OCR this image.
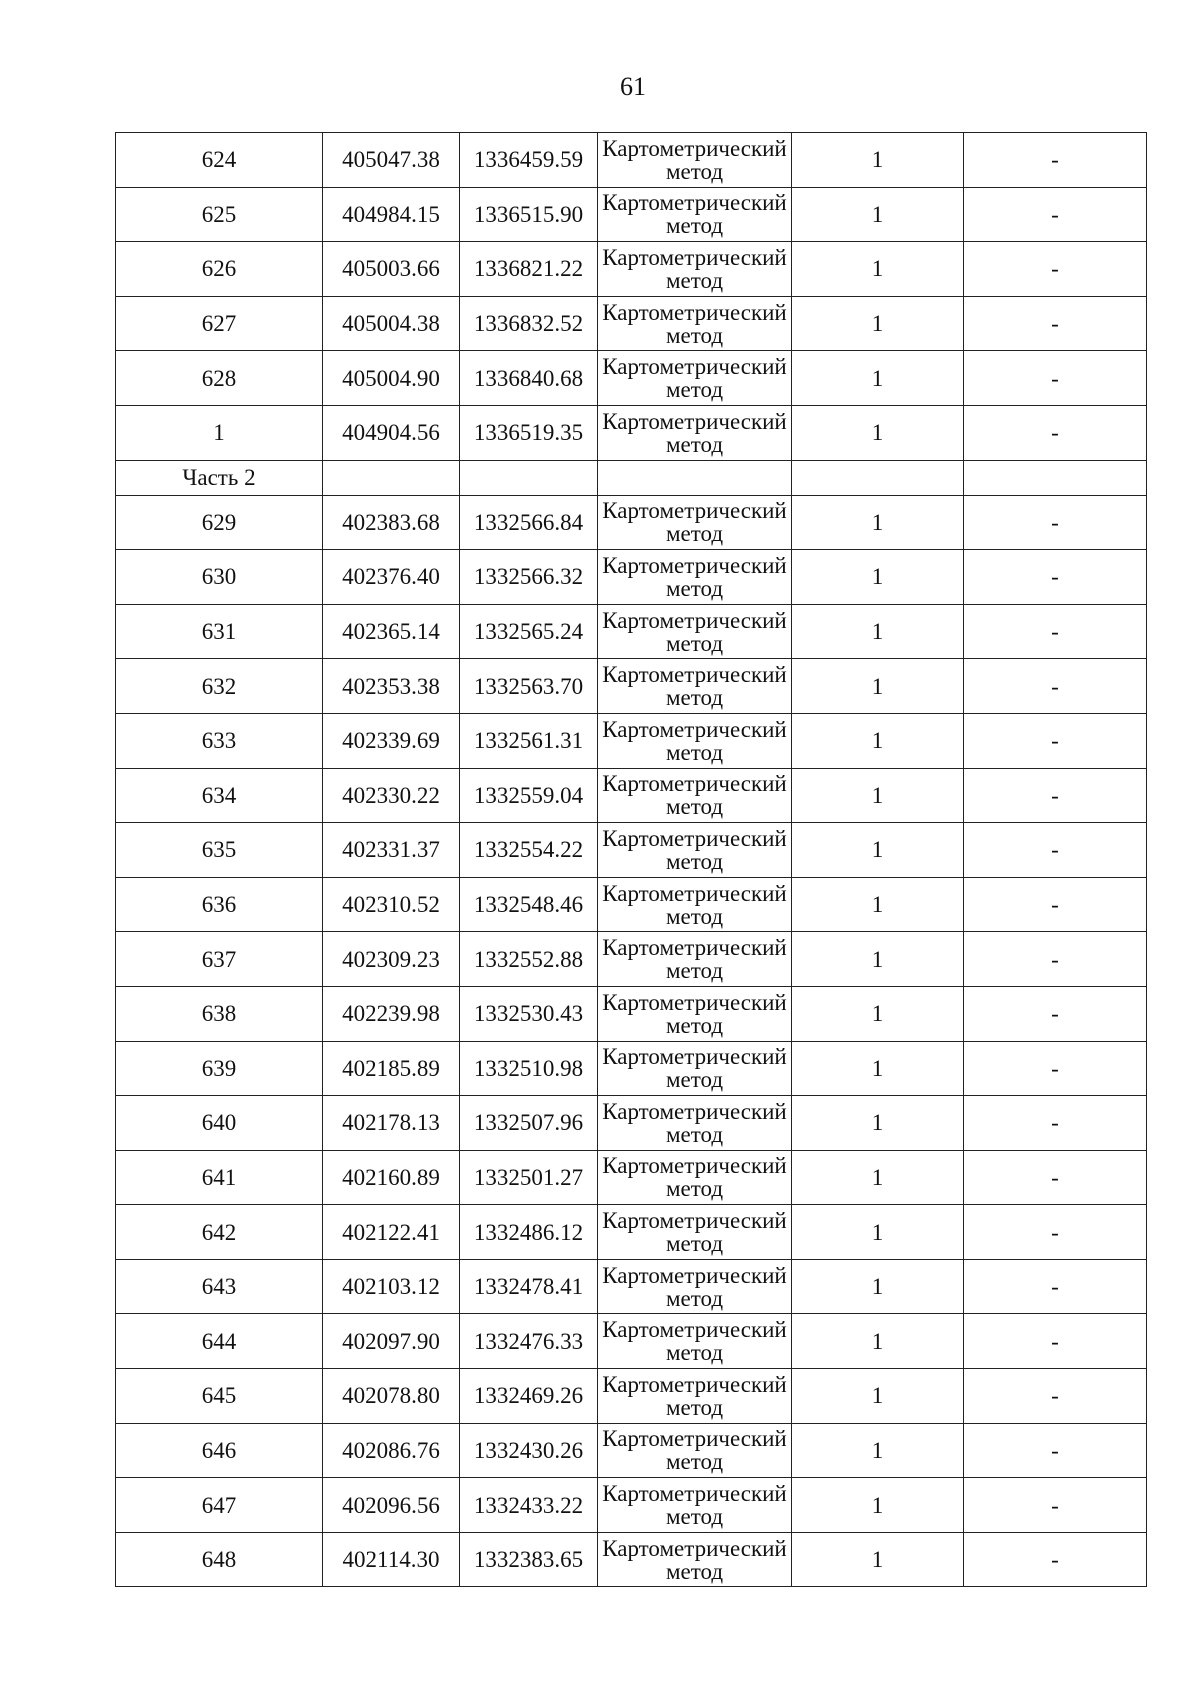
61
624	405047.38	1336459.59	Картометрический
метод	1	-
625	404984.15	1336515.90	Картометрический
метод	1	-
626	405003.66	1336821.22	Картометрический
метод	1	-
627	405004.38	1336832.52	Картометрический
метод	1	-
628	405004.90	1336840.68	Картометрический
метод	1	-
1	404904.56	1336519.35	Картометрический
метод	1	-
Часть 2					
629	402383.68	1332566.84	Картометрический
метод	1	-
630	402376.40	1332566.32	Картометрический
метод	1	-
631	402365.14	1332565.24	Картометрический
метод	1	-
632	402353.38	1332563.70	Картометрический
метод	1	-
633	402339.69	1332561.31	Картометрический
метод	1	-
634	402330.22	1332559.04	Картометрический
метод	1	-
635	402331.37	1332554.22	Картометрический
метод	1	-
636	402310.52	1332548.46	Картометрический
метод	1	-
637	402309.23	1332552.88	Картометрический
метод	1	-
638	402239.98	1332530.43	Картометрический
метод	1	-
639	402185.89	1332510.98	Картометрический
метод	1	-
640	402178.13	1332507.96	Картометрический
метод	1	-
641	402160.89	1332501.27	Картометрический
метод	1	-
642	402122.41	1332486.12	Картометрический
метод	1	-
643	402103.12	1332478.41	Картометрический
метод	1	-
644	402097.90	1332476.33	Картометрический
метод	1	-
645	402078.80	1332469.26	Картометрический
метод	1	-
646	402086.76	1332430.26	Картометрический
метод	1	-
647	402096.56	1332433.22	Картометрический
метод	1	-
648	402114.30	1332383.65	Картометрический
метод	1	-
